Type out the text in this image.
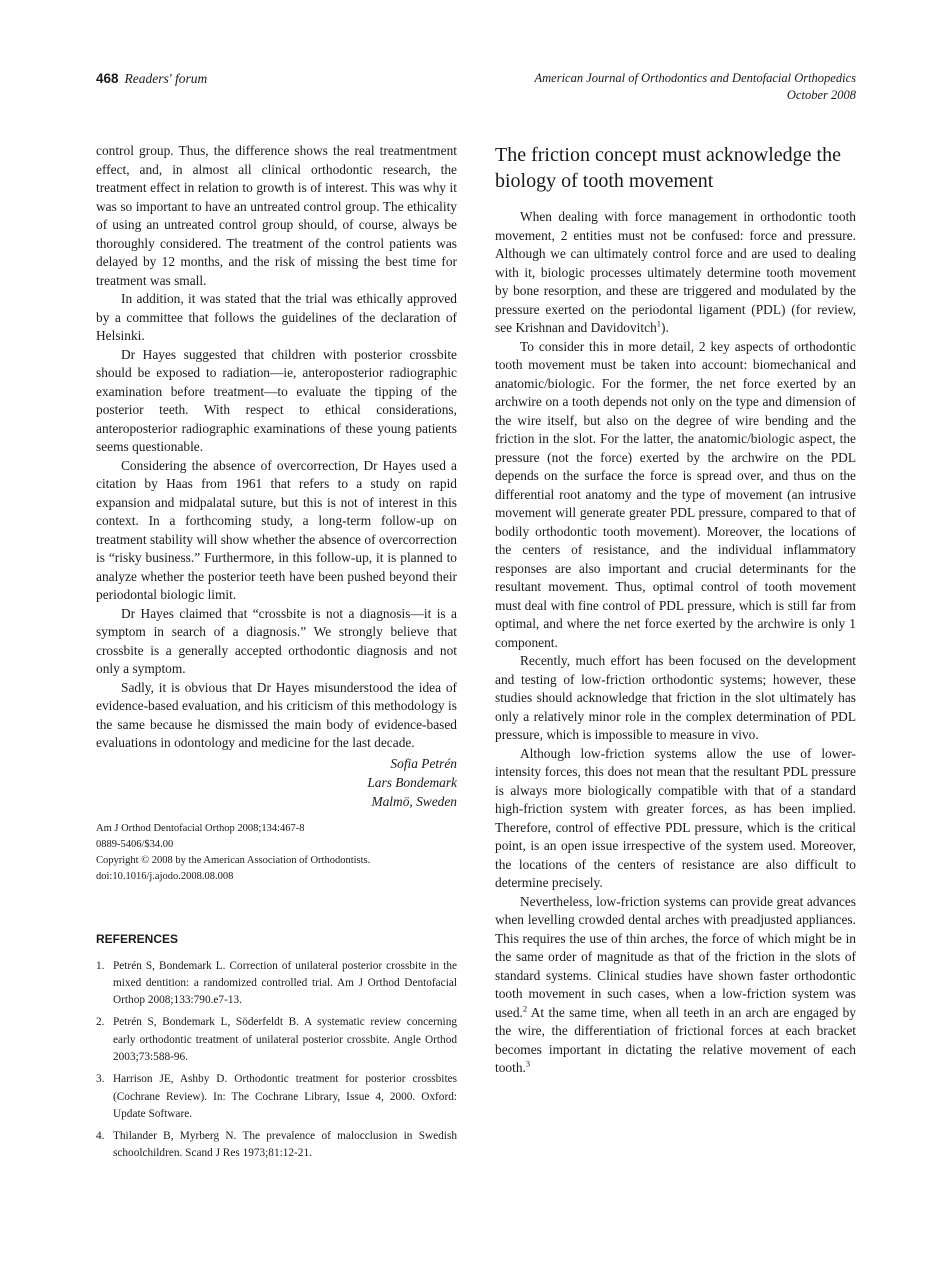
468 Readers' forum	American Journal of Orthodontics and Dentofacial Orthopedics
October 2008

control group. Thus, the difference shows the real treatmentment effect, and, in almost all clinical orthodontic research, the treatment effect in relation to growth is of interest. This was why it was so important to have an untreated control group. The ethicality of using an untreated control group should, of course, always be thoroughly considered. The treatment of the control patients was delayed by 12 months, and the risk of missing the best time for treatment was small.

In addition, it was stated that the trial was ethically approved by a committee that follows the guidelines of the declaration of Helsinki.

Dr Hayes suggested that children with posterior crossbite should be exposed to radiation—ie, anteroposterior radiographic examination before treatment—to evaluate the tipping of the posterior teeth. With respect to ethical considerations, anteroposterior radiographic examinations of these young patients seems questionable.

Considering the absence of overcorrection, Dr Hayes used a citation by Haas from 1961 that refers to a study on rapid expansion and midpalatal suture, but this is not of interest in this context. In a forthcoming study, a long-term follow-up on treatment stability will show whether the absence of overcorrection is “risky business.” Furthermore, in this follow-up, it is planned to analyze whether the posterior teeth have been pushed beyond their periodontal biologic limit.

Dr Hayes claimed that “crossbite is not a diagnosis—it is a symptom in search of a diagnosis.” We strongly believe that crossbite is a generally accepted orthodontic diagnosis and not only a symptom.

Sadly, it is obvious that Dr Hayes misunderstood the idea of evidence-based evaluation, and his criticism of this methodology is the same because he dismissed the main body of evidence-based evaluations in odontology and medicine for the last decade.

Sofia Petrén
Lars Bondemark
Malmö, Sweden
Am J Orthod Dentofacial Orthop 2008;134:467-8
0889-5406/$34.00
Copyright © 2008 by the American Association of Orthodontists.
doi:10.1016/j.ajodo.2008.08.008
REFERENCES
1. Petrén S, Bondemark L. Correction of unilateral posterior crossbite in the mixed dentition: a randomized controlled trial. Am J Orthod Dentofacial Orthop 2008;133:790.e7-13.
2. Petrén S, Bondemark L, Söderfeldt B. A systematic review concerning early orthodontic treatment of unilateral posterior crossbite. Angle Orthod 2003;73:588-96.
3. Harrison JE, Ashby D. Orthodontic treatment for posterior crossbites (Cochrane Review). In: The Cochrane Library, Issue 4, 2000. Oxford: Update Software.
4. Thilander B, Myrberg N. The prevalence of malocclusion in Swedish schoolchildren. Scand J Res 1973;81:12-21.
The friction concept must acknowledge the biology of tooth movement

When dealing with force management in orthodontic tooth movement, 2 entities must not be confused: force and pressure. Although we can ultimately control force and are used to dealing with it, biologic processes ultimately determine tooth movement by bone resorption, and these are triggered and modulated by the pressure exerted on the periodontal ligament (PDL) (for review, see Krishnan and Davidovitch$^1$).

To consider this in more detail, 2 key aspects of orthodontic tooth movement must be taken into account: biomechanical and anatomic/biologic. For the former, the net force exerted by an archwire on a tooth depends not only on the type and dimension of the wire itself, but also on the degree of wire bending and the friction in the slot. For the latter, the anatomic/biologic aspect, the pressure (not the force) exerted by the archwire on the PDL depends on the surface the force is spread over, and thus on the differential root anatomy and the type of movement (an intrusive movement will generate greater PDL pressure, compared to that of bodily orthodontic tooth movement). Moreover, the locations of the centers of resistance, and the individual inflammatory responses are also important and crucial determinants for the resultant movement. Thus, optimal control of tooth movement must deal with fine control of PDL pressure, which is still far from optimal, and where the net force exerted by the archwire is only 1 component.

Recently, much effort has been focused on the development and testing of low-friction orthodontic systems; however, these studies should acknowledge that friction in the slot ultimately has only a relatively minor role in the complex determination of PDL pressure, which is impossible to measure in vivo.

Although low-friction systems allow the use of lower-intensity forces, this does not mean that the resultant PDL pressure is always more biologically compatible with that of a standard high-friction system with greater forces, as has been implied. Therefore, control of effective PDL pressure, which is the critical point, is an open issue irrespective of the system used. Moreover, the locations of the centers of resistance are also difficult to determine precisely.

Nevertheless, low-friction systems can provide great advances when levelling crowded dental arches with preadjusted appliances. This requires the use of thin arches, the force of which might be in the same order of magnitude as that of the friction in the slots of standard systems. Clinical studies have shown faster orthodontic tooth movement in such cases, when a low-friction system was used.$^2$ At the same time, when all teeth in an arch are engaged by the wire, the differentiation of frictional forces at each bracket becomes important in dictating the relative movement of each tooth.$^3$
